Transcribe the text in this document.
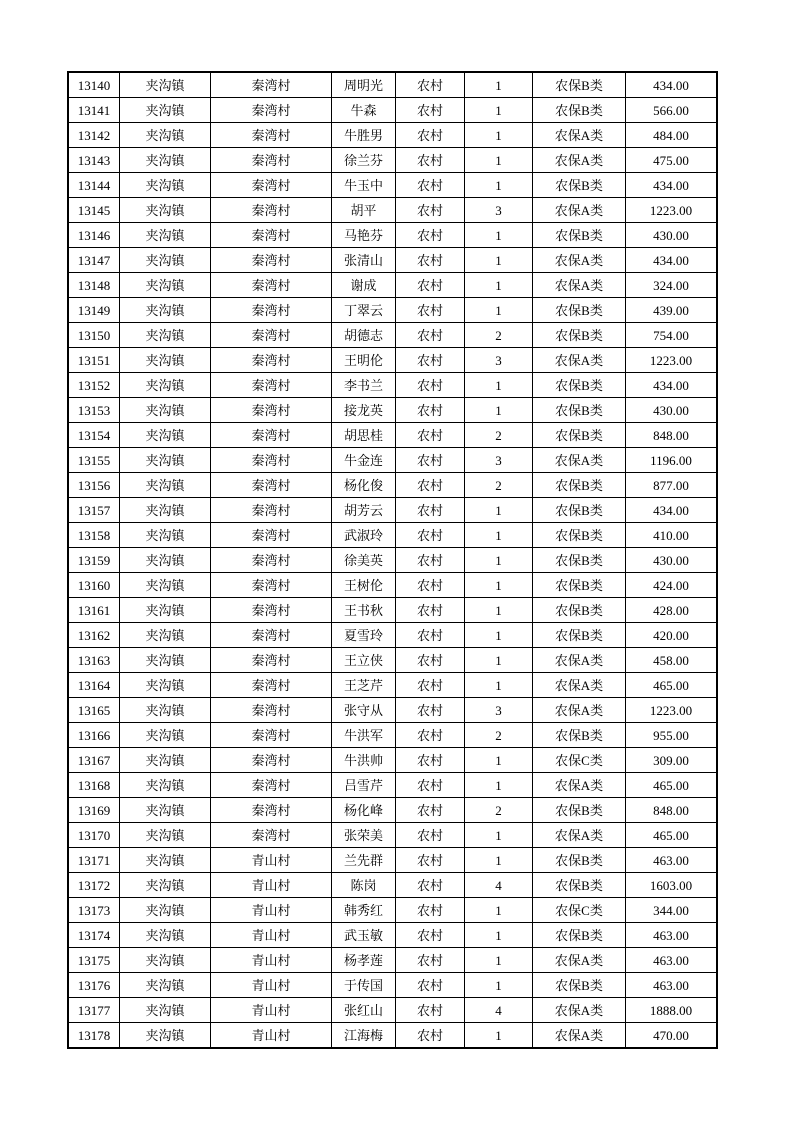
13140	夹沟镇	秦湾村	周明光	农村	1	农保B类	434.00
13141	夹沟镇	秦湾村	牛森	农村	1	农保B类	566.00
13142	夹沟镇	秦湾村	牛胜男	农村	1	农保A类	484.00
13143	夹沟镇	秦湾村	徐兰芬	农村	1	农保A类	475.00
13144	夹沟镇	秦湾村	牛玉中	农村	1	农保B类	434.00
13145	夹沟镇	秦湾村	胡平	农村	3	农保A类	1223.00
13146	夹沟镇	秦湾村	马艳芬	农村	1	农保B类	430.00
13147	夹沟镇	秦湾村	张清山	农村	1	农保A类	434.00
13148	夹沟镇	秦湾村	谢成	农村	1	农保A类	324.00
13149	夹沟镇	秦湾村	丁翠云	农村	1	农保B类	439.00
13150	夹沟镇	秦湾村	胡德志	农村	2	农保B类	754.00
13151	夹沟镇	秦湾村	王明伦	农村	3	农保A类	1223.00
13152	夹沟镇	秦湾村	李书兰	农村	1	农保B类	434.00
13153	夹沟镇	秦湾村	接龙英	农村	1	农保B类	430.00
13154	夹沟镇	秦湾村	胡思桂	农村	2	农保B类	848.00
13155	夹沟镇	秦湾村	牛金连	农村	3	农保A类	1196.00
13156	夹沟镇	秦湾村	杨化俊	农村	2	农保B类	877.00
13157	夹沟镇	秦湾村	胡芳云	农村	1	农保B类	434.00
13158	夹沟镇	秦湾村	武淑玲	农村	1	农保B类	410.00
13159	夹沟镇	秦湾村	徐美英	农村	1	农保B类	430.00
13160	夹沟镇	秦湾村	王树伦	农村	1	农保B类	424.00
13161	夹沟镇	秦湾村	王书秋	农村	1	农保B类	428.00
13162	夹沟镇	秦湾村	夏雪玲	农村	1	农保B类	420.00
13163	夹沟镇	秦湾村	王立侠	农村	1	农保A类	458.00
13164	夹沟镇	秦湾村	王芝芹	农村	1	农保A类	465.00
13165	夹沟镇	秦湾村	张守从	农村	3	农保A类	1223.00
13166	夹沟镇	秦湾村	牛洪军	农村	2	农保B类	955.00
13167	夹沟镇	秦湾村	牛洪帅	农村	1	农保C类	309.00
13168	夹沟镇	秦湾村	吕雪芹	农村	1	农保A类	465.00
13169	夹沟镇	秦湾村	杨化峰	农村	2	农保B类	848.00
13170	夹沟镇	秦湾村	张荣美	农村	1	农保A类	465.00
13171	夹沟镇	青山村	兰先群	农村	1	农保B类	463.00
13172	夹沟镇	青山村	陈岗	农村	4	农保B类	1603.00
13173	夹沟镇	青山村	韩秀红	农村	1	农保C类	344.00
13174	夹沟镇	青山村	武玉敏	农村	1	农保B类	463.00
13175	夹沟镇	青山村	杨孝莲	农村	1	农保A类	463.00
13176	夹沟镇	青山村	于传国	农村	1	农保B类	463.00
13177	夹沟镇	青山村	张红山	农村	4	农保A类	1888.00
13178	夹沟镇	青山村	江海梅	农村	1	农保A类	470.00
